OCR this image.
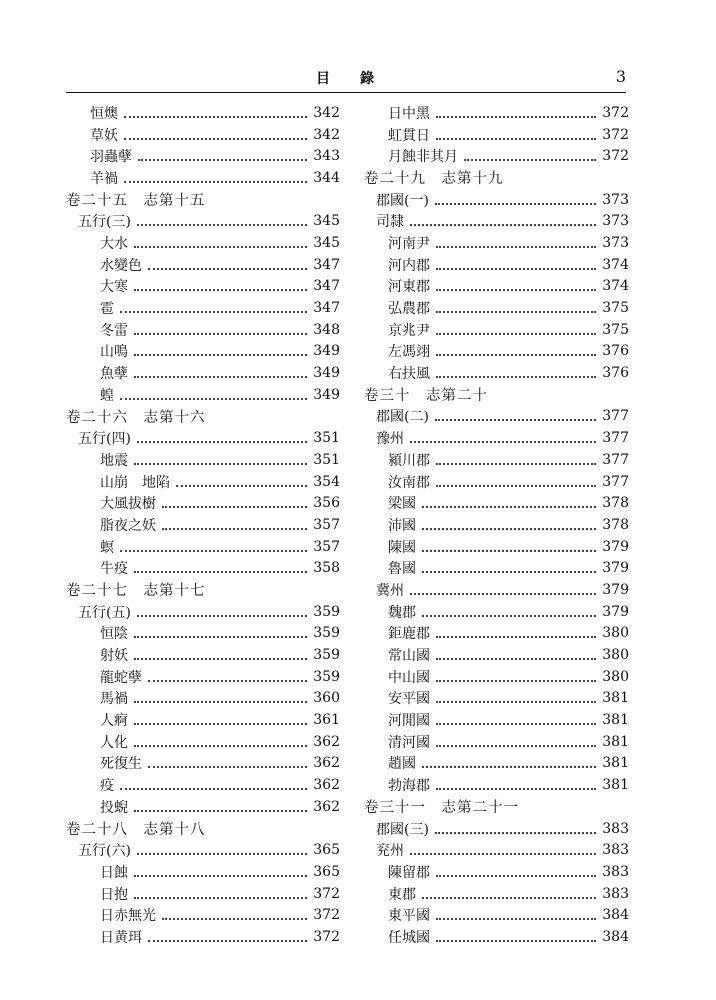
目 錄	3
恒燠	342
草妖	342
羽蟲孽	343
羊禍	344
卷二十五　志第十五
五行(三)	345
大水	345
水變色	347
大寒	347
雹	347
冬雷	348
山鳴	349
魚孽	349
蝗	349
卷二十六　志第十六
五行(四)	351
地震	351
山崩　地陷	354
大風拔樹	356
脂夜之妖	357
螟	357
牛疫	358
卷二十七　志第十七
五行(五)	359
恒陰	359
射妖	359
龍蛇孽	359
馬禍	360
人痾	361
人化	362
死復生	362
疫	362
投蜺	362
卷二十八　志第十八
五行(六)	365
日蝕	365
日抱	372
日赤無光	372
日黄珥	372
日中黑	372
虹貫日	372
月蝕非其月	372
卷二十九　志第十九
郡國(一)	373
司隸	373
河南尹	373
河内郡	374
河東郡	374
弘農郡	375
京兆尹	375
左馮翊	376
右扶風	376
卷三十　志第二十
郡國(二)	377
豫州	377
潁川郡	377
汝南郡	377
梁國	378
沛國	378
陳國	379
魯國	379
冀州	379
魏郡	379
鉅鹿郡	380
常山國	380
中山國	380
安平國	381
河閒國	381
清河國	381
趙國	381
勃海郡	381
卷三十一　志第二十一
郡國(三)	383
兖州	383
陳留郡	383
東郡	383
東平國	384
任城國	384
